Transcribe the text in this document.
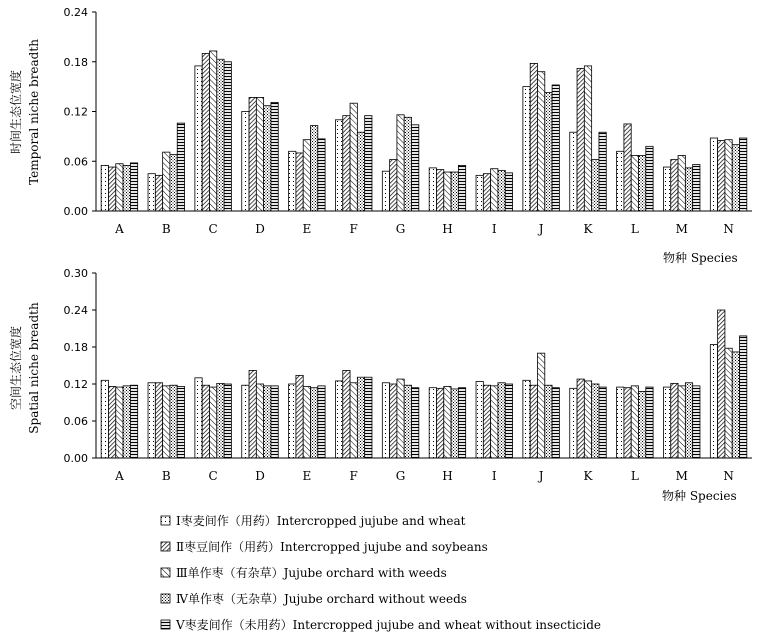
0.00
0.06
0.12
0.18
0.24
A	B	C	D	E	F	G	H	I	J	K	L	M	N
时间生态位宽度 Temporal niche breadth
物种 Species
0.00
0.06
0.12
0.18
0.24
0.30
A	B	C	D	E	F	G	H	I	J	K	L	M	N
空间生态位宽度 Spatial niche breadth
物种 Species
Ⅰ枣麦间作（用药）Intercropped jujube and wheat
Ⅱ枣豆间作（用药）Intercropped jujube and soybeans
Ⅲ单作枣（有杂草）Jujube orchard with weeds
Ⅳ单作枣（无杂草）Jujube orchard without weeds
Ⅴ枣麦间作（未用药）Intercropped jujube and wheat without insecticide
